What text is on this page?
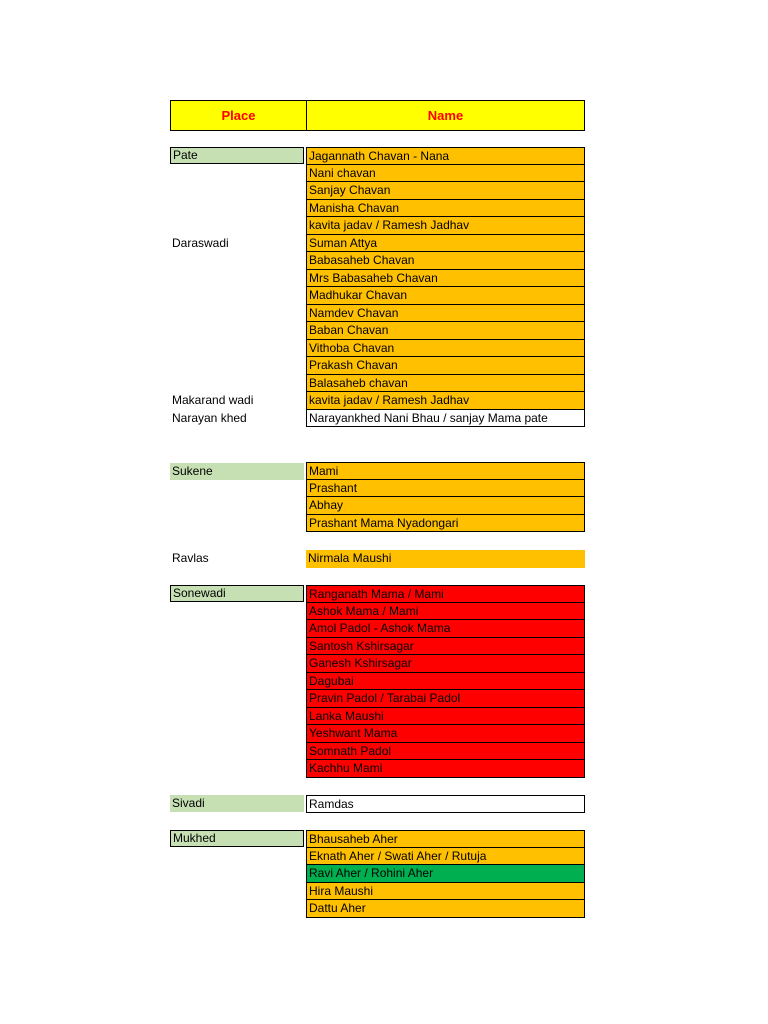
Place	Name
Pate
Daraswadi
Makarand wadi
Narayan khed
Sukene
Ravlas
Sonewadi
Sivadi
Mukhed
Jagannath Chavan - Nana
Nani chavan
Sanjay Chavan
Manisha Chavan
kavita jadav / Ramesh Jadhav
Suman Attya
Babasaheb Chavan
Mrs Babasaheb Chavan
Madhukar Chavan
Namdev Chavan
Baban Chavan
Vithoba Chavan
Prakash Chavan
Balasaheb chavan
kavita jadav / Ramesh Jadhav
Narayankhed Nani Bhau / sanjay Mama pate
Mami
Prashant
Abhay
Prashant Mama Nyadongari
Nirmala Maushi
Ranganath Mama / Mami
Ashok Mama / Mami
Amol Padol - Ashok Mama
Santosh Kshirsagar
Ganesh Kshirsagar
Dagubai
Pravin Padol / Tarabai Padol
Lanka Maushi
Yeshwant Mama
Somnath Padol
Kachhu Mami
Ramdas
Bhausaheb Aher
Eknath Aher / Swati Aher / Rutuja
Ravi Aher / Rohini Aher
Hira Maushi
Dattu Aher
